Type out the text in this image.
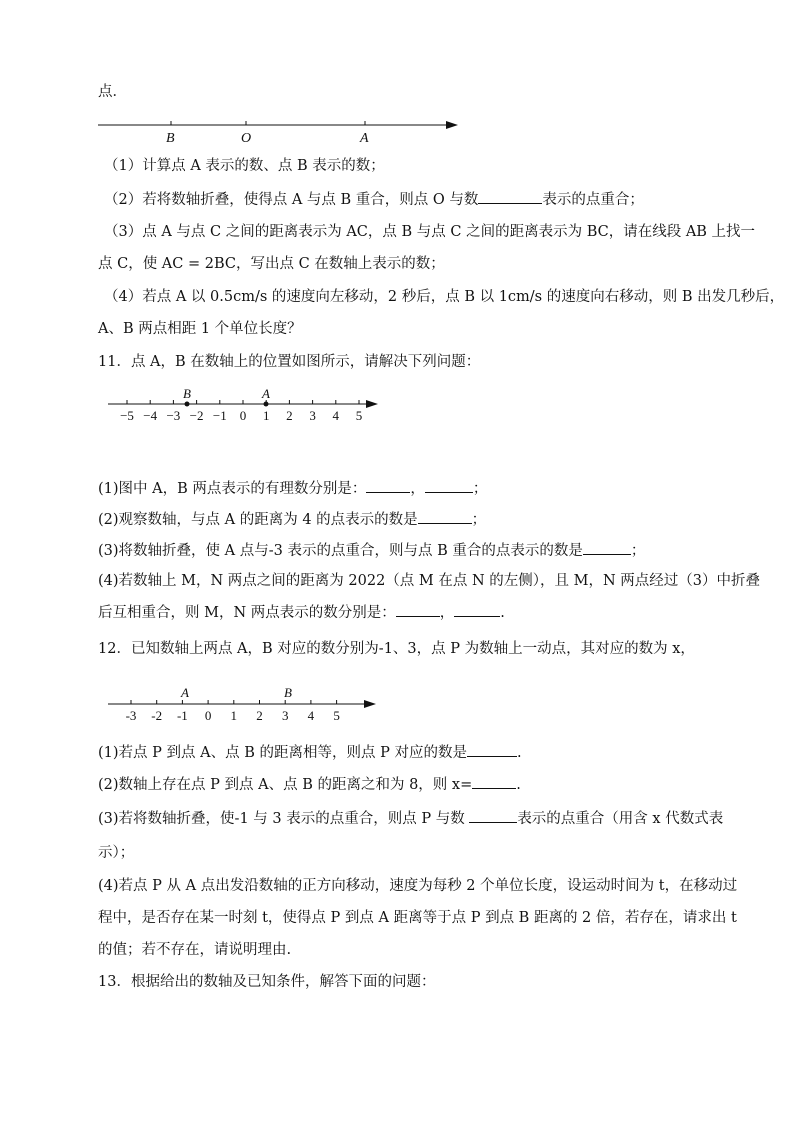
点．
B	O	A
（1）计算点 A 表示的数、点 B 表示的数；
（2）若将数轴折叠，使得点 A 与点 B 重合，则点 O 与数	表示的点重合；
（3）点 A 与点 C 之间的距离表示为 AC，点 B 与点 C 之间的距离表示为 BC，请在线段 AB 上找一
点 C，使 AC = 2BC，写出点 C 在数轴上表示的数；
（4）若点 A 以 0.5cm/s 的速度向左移动，2 秒后，点 B 以 1cm/s 的速度向右移动，则 B 出发几秒后，
A、B 两点相距 1 个单位长度？
11．点 A，B 在数轴上的位置如图所示，请解决下列问题：
−5 −4 −3 −2 −1 0 1 2 3 4 5
B	A
(1)图中 A，B 两点表示的有理数分别是：	，	；
(2)观察数轴，与点 A 的距离为 4 的点表示的数是	；
(3)将数轴折叠，使 A 点与-3 表示的点重合，则与点 B 重合的点表示的数是	；
(4)若数轴上 M，N 两点之间的距离为 2022（点 M 在点 N 的左侧），且 M，N 两点经过（3）中折叠
后互相重合，则 M，N 两点表示的数分别是：	，	.
12．已知数轴上两点 A，B 对应的数分别为-1、3，点 P 为数轴上一动点，其对应的数为 x，
-3 -2 -1 0 1 2 3 4 5
A	B
(1)若点 P 到点 A、点 B 的距离相等，则点 P 对应的数是	.
(2)数轴上存在点 P 到点 A、点 B 的距离之和为 8，则 x=	.
(3)若将数轴折叠，使-1 与 3 表示的点重合，则点 P 与数	表示的点重合（用含 x 代数式表
示）；
(4)若点 P 从 A 点出发沿数轴的正方向移动，速度为每秒 2 个单位长度，设运动时间为 t，在移动过
程中，是否存在某一时刻 t，使得点 P 到点 A 距离等于点 P 到点 B 距离的 2 倍，若存在，请求出 t
的值；若不存在，请说明理由.
13．根据给出的数轴及已知条件，解答下面的问题：
